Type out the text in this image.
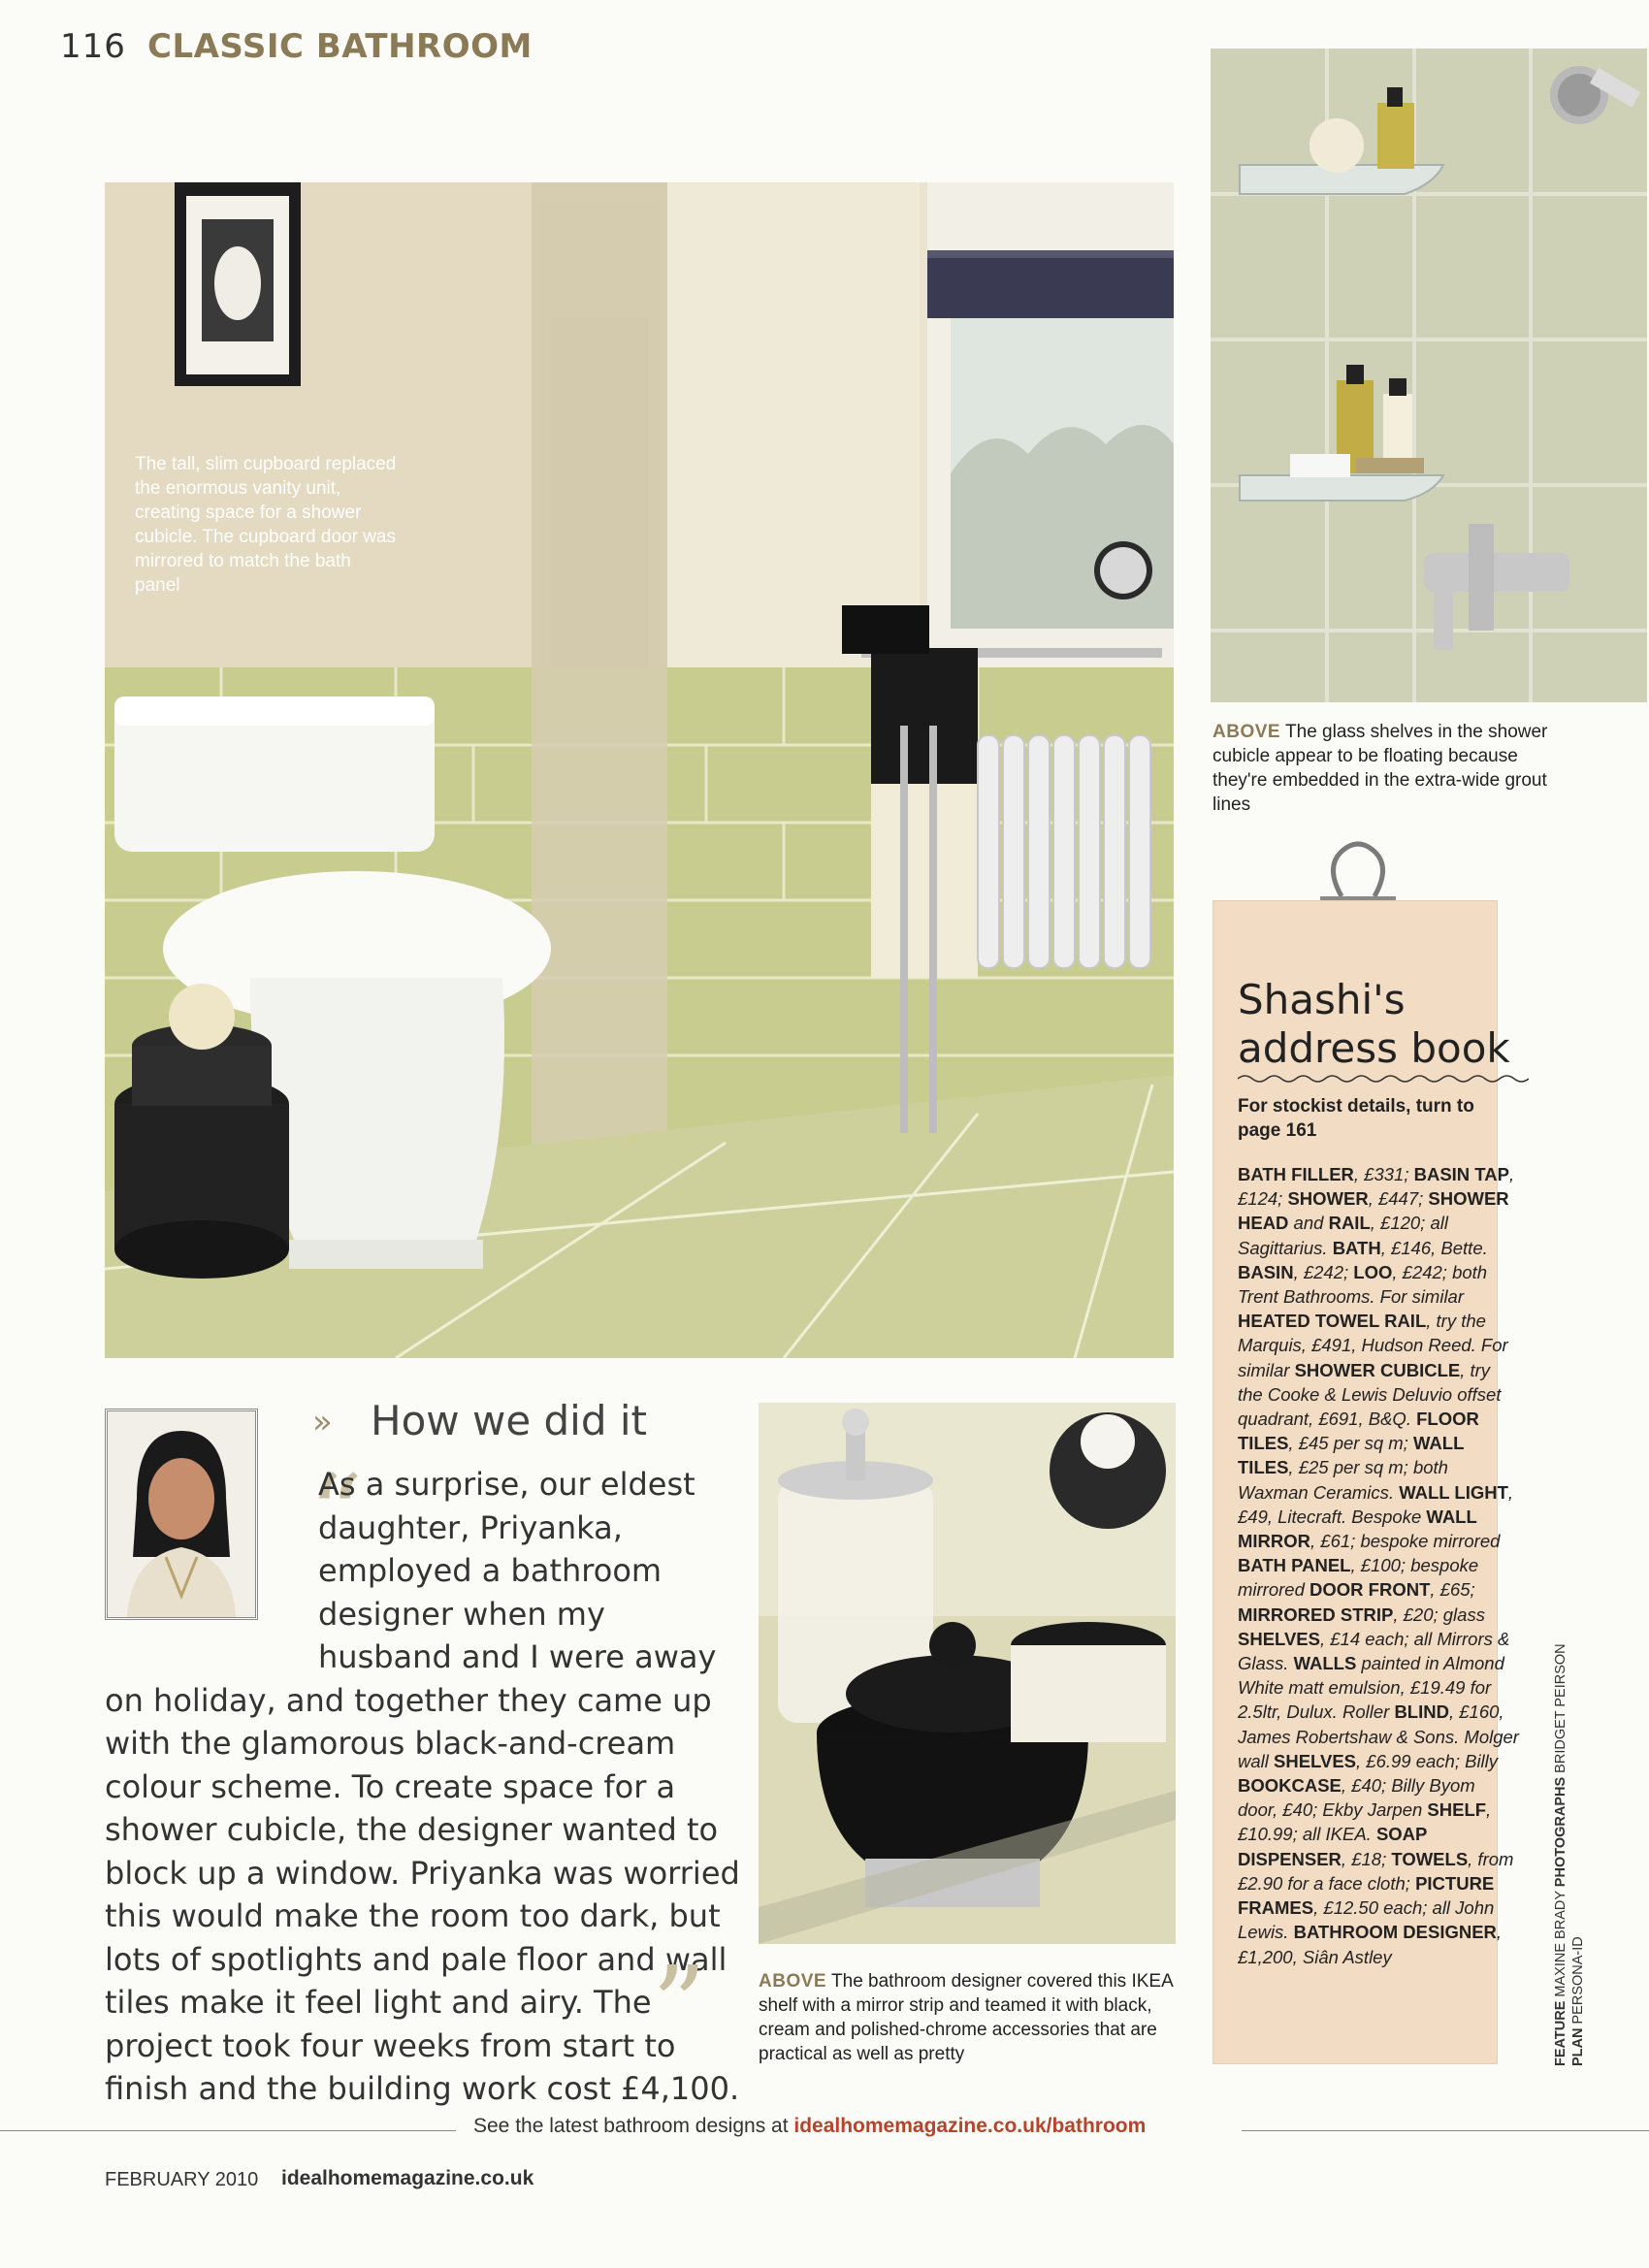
116 CLASSIC BATHROOM
The tall, slim cupboard replaced the enormous vanity unit, creating space for a shower cubicle. The cupboard door was mirrored to match the bath panel
ABOVE The glass shelves in the shower cubicle appear to be floating because they're embedded in the extra-wide grout lines
Shashi's
address book
For stockist details, turn to page 161
BATH FILLER, £331; BASIN TAP, £124; SHOWER, £447; SHOWER HEAD and RAIL, £120; all Sagittarius. BATH, £146, Bette. BASIN, £242; LOO, £242; both Trent Bathrooms. For similar HEATED TOWEL RAIL, try the Marquis, £491, Hudson Reed. For similar SHOWER CUBICLE, try the Cooke & Lewis Deluvio offset quadrant, £691, B&Q. FLOOR TILES, £45 per sq m; WALL TILES, £25 per sq m; both Waxman Ceramics. WALL LIGHT, £49, Litecraft. Bespoke WALL MIRROR, £61; bespoke mirrored BATH PANEL, £100; bespoke mirrored DOOR FRONT, £65; MIRRORED STRIP, £20; glass SHELVES, £14 each; all Mirrors & Glass. WALLS painted in Almond White matt emulsion, £19.49 for 2.5ltr, Dulux. Roller BLIND, £160, James Robertshaw & Sons. Molger wall SHELVES, £6.99 each; Billy BOOKCASE, £40; Billy Byom door, £40; Ekby Jarpen SHELF, £10.99; all IKEA. SOAP DISPENSER, £18; TOWELS, from £2.90 for a face cloth; PICTURE FRAMES, £12.50 each; all John Lewis. BATHROOM DESIGNER, £1,200, Siân Astley
ABOVE The bathroom designer covered this IKEA shelf with a mirror strip and teamed it with black, cream and polished-chrome accessories that are practical as well as pretty
» How we did it
“
As a surprise, our eldest daughter, Priyanka, employed a bathroom designer when my husband and I were away on holiday, and together they came up with the glamorous black-and-cream colour scheme. To create space for a shower cubicle, the designer wanted to block up a window. Priyanka was worried this would make the room too dark, but lots of spotlights and pale floor and wall tiles make it feel light and airy. The project took four weeks from start to finish and the building work cost £4,100.
”	FEATURE MAXINE BRADY PHOTOGRAPHS BRIDGET PEIRSON
PLAN PERSONA-ID
See the latest bathroom designs at idealhomemagazine.co.uk/bathroom
FEBRUARY 2010 idealhomemagazine.co.uk
